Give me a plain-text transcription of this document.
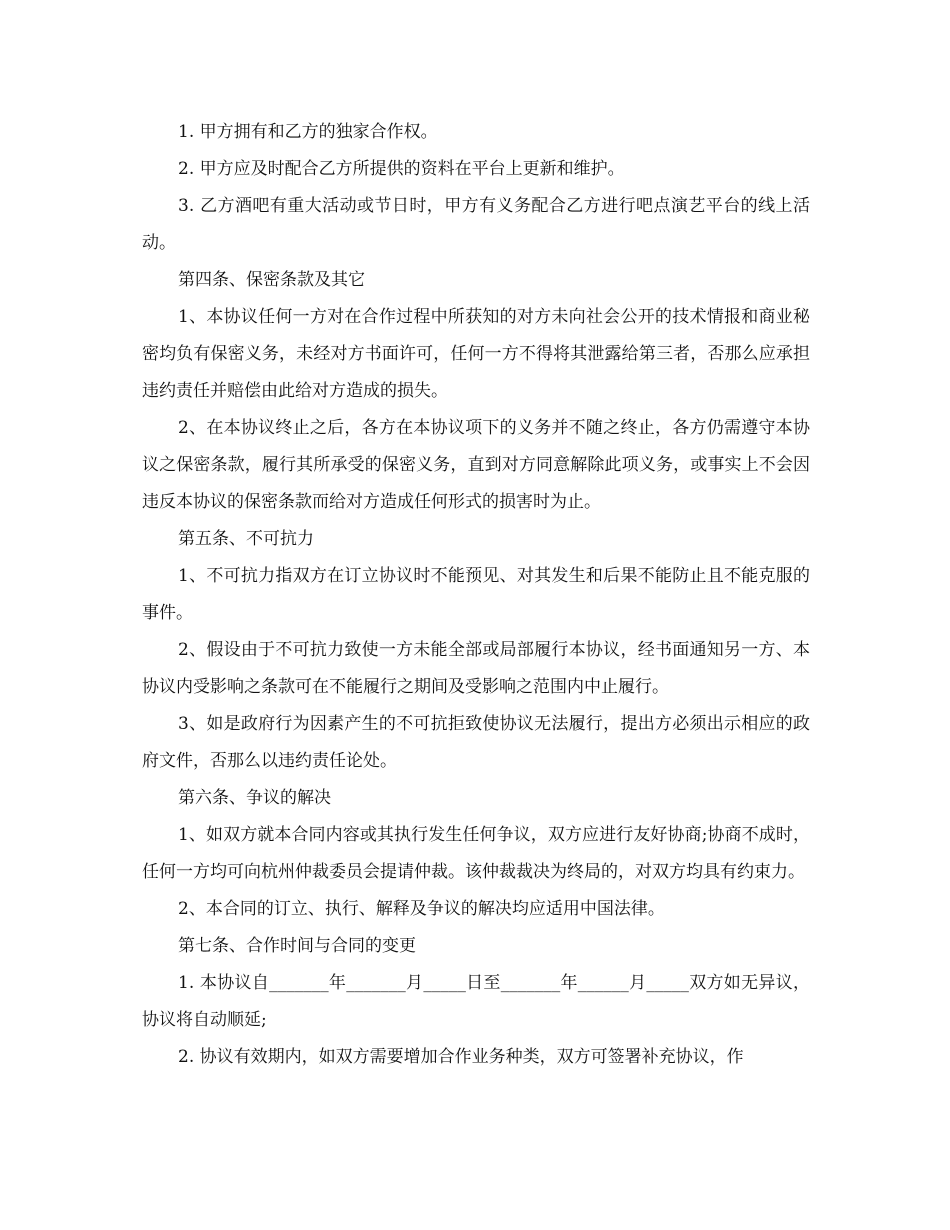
1. 甲方拥有和乙方的独家合作权。

2. 甲方应及时配合乙方所提供的资料在平台上更新和维护。

3. 乙方酒吧有重大活动或节日时，甲方有义务配合乙方进行吧点演艺平台的线上活动。

第四条、保密条款及其它

1、本协议任何一方对在合作过程中所获知的对方未向社会公开的技术情报和商业秘密均负有保密义务，未经对方书面许可，任何一方不得将其泄露给第三者，否那么应承担违约责任并赔偿由此给对方造成的损失。

2、在本协议终止之后，各方在本协议项下的义务并不随之终止，各方仍需遵守本协议之保密条款，履行其所承受的保密义务，直到对方同意解除此项义务，或事实上不会因违反本协议的保密条款而给对方造成任何形式的损害时为止。

第五条、不可抗力

1、不可抗力指双方在订立协议时不能预见、对其发生和后果不能防止且不能克服的事件。

2、假设由于不可抗力致使一方未能全部或局部履行本协议，经书面通知另一方、本协议内受影响之条款可在不能履行之期间及受影响之范围内中止履行。

3、如是政府行为因素产生的不可抗拒致使协议无法履行，提出方必须出示相应的政府文件，否那么以违约责任论处。

第六条、争议的解决

1、如双方就本合同内容或其执行发生任何争议，双方应进行友好协商;协商不成时，任何一方均可向杭州仲裁委员会提请仲裁。该仲裁裁决为终局的，对双方均具有约束力。

2、本合同的订立、执行、解释及争议的解决均应适用中国法律。

第七条、合作时间与合同的变更

1. 本协议自_______年_______月_____日至_______年______月_____双方如无异议，协议将自动顺延;

2. 协议有效期内，如双方需要增加合作业务种类，双方可签署补充协议，作
